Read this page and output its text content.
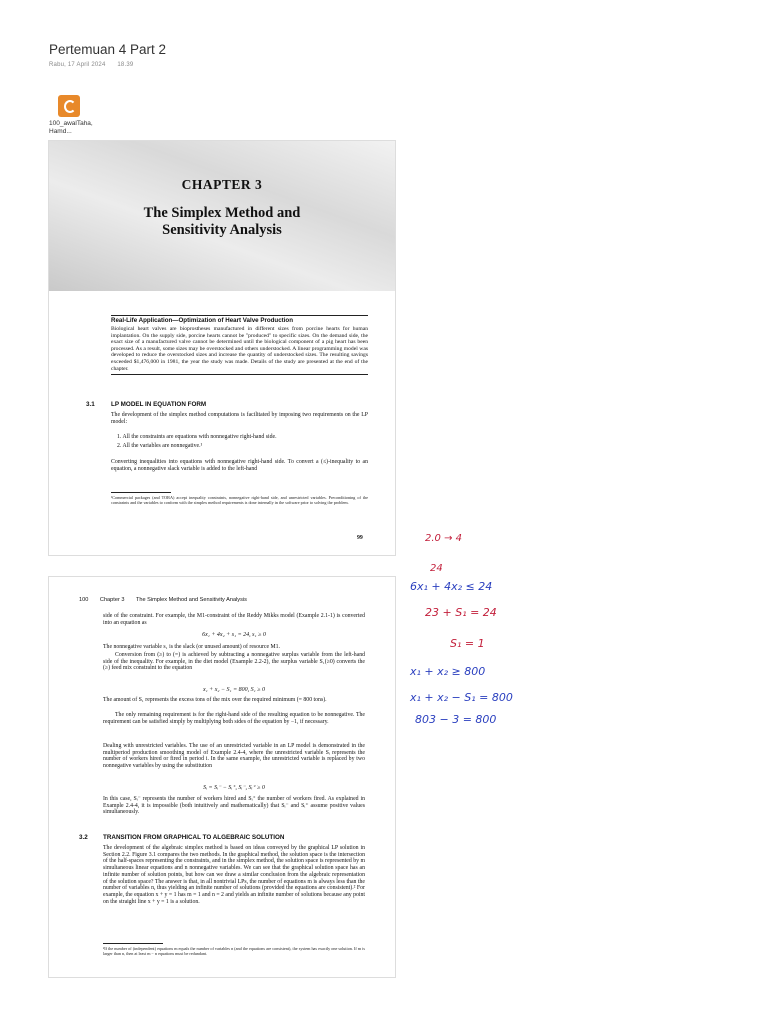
Pertemuan 4 Part 2
Rabu, 17 April 2024 18.39
100_awalTaha, Hamd...
CHAPTER 3
The Simplex Method and
Sensitivity Analysis
Real-Life Application—Optimization of Heart Valve Production
Biological heart valves are bioprostheses manufactured in different sizes from porcine hearts for human implantation. On the supply side, porcine hearts cannot be "produced" to specific sizes. On the demand side, the exact size of a manufactured valve cannot be determined until the biological component of a pig heart has been processed. As a result, some sizes may be overstocked and others understocked. A linear programming model was developed to reduce the overstocked sizes and increase the quantity of understocked sizes. The resulting savings exceeded $1,476,000 in 1981, the year the study was made. Details of the study are presented at the end of the chapter.
3.1	LP MODEL IN EQUATION FORM
The development of the simplex method computations is facilitated by imposing two requirements on the LP model:
1. All the constraints are equations with nonnegative right-hand side.
2. All the variables are nonnegative.¹
Converting inequalities into equations with nonnegative right-hand side. To convert a (≤)-inequality to an equation, a nonnegative slack variable is added to the left-hand
¹Commercial packages (and TORA) accept inequality constraints, nonnegative right-hand side, and unrestricted variables. Preconditioning of the constraints and the variables to conform with the simplex method requirements is done internally in the software prior to solving the problem.
99
100 Chapter 3 The Simplex Method and Sensitivity Analysis
side of the constraint. For example, the M1-constraint of the Reddy Mikks model (Example 2.1-1) is converted into an equation as
6x₁ + 4x₂ + s₁ = 24, s₁ ≥ 0
The nonnegative variable s₁ is the slack (or unused amount) of resource M1.
Conversion from (≥) to (=) is achieved by subtracting a nonnegative surplus variable from the left-hand side of the inequality. For example, in the diet model (Example 2.2-2), the surplus variable S₁(≥0) converts the (≥) feed mix constraint to the equation
x₁ + x₂ − S₁ = 800, S₁ ≥ 0
The amount of S₁ represents the excess tons of the mix over the required minimum (= 800 tons).
The only remaining requirement is for the right-hand side of the resulting equation to be nonnegative. The requirement can be satisfied simply by multiplying both sides of the equation by −1, if necessary.
Dealing with unrestricted variables. The use of an unrestricted variable in an LP model is demonstrated in the multiperiod production smoothing model of Example 2.4-4, where the unrestricted variable Sᵢ represents the number of workers hired or fired in period i. In the same example, the unrestricted variable is replaced by two nonnegative variables by using the substitution
Sᵢ = Sᵢ⁻ − Sᵢ⁺, Sᵢ⁻, Sᵢ⁺ ≥ 0
In this case, Sᵢ⁻ represents the number of workers hired and Sᵢ⁺ the number of workers fired. As explained in Example 2.4-4, it is impossible (both intuitively and mathematically) that Sᵢ⁻ and Sᵢ⁺ assume positive values simultaneously.
3.2 TRANSITION FROM GRAPHICAL TO ALGEBRAIC SOLUTION
The development of the algebraic simplex method is based on ideas conveyed by the graphical LP solution in Section 2.2. Figure 3.1 compares the two methods. In the graphical method, the solution space is the intersection of the half-spaces representing the constraints, and in the simplex method, the solution space is represented by m simultaneous linear equations and n nonnegative variables. We can see that the graphical solution space has an infinite number of solution points, but how can we draw a similar conclusion from the algebraic representation of the solution space? The answer is that, in all nontrivial LPs, the number of equations m is always less than the number of variables n, thus yielding an infinite number of solutions (provided the equations are consistent).² For example, the equation x + y = 1 has m = 1 and n = 2 and yields an infinite number of solutions because any point on the straight line x + y = 1 is a solution.
²If the number of (independent) equations m equals the number of variables n (and the equations are consistent), the system has exactly one solution. If m is larger than n, then at least m − n equations must be redundant.
2.0 → 4
24
6x₁ + 4x₂ ≤ 24
23 + S₁ = 24
S₁ = 1
x₁ + x₂ ≥ 800
x₁ + x₂ − S₁ = 800
803 − 3 = 800
